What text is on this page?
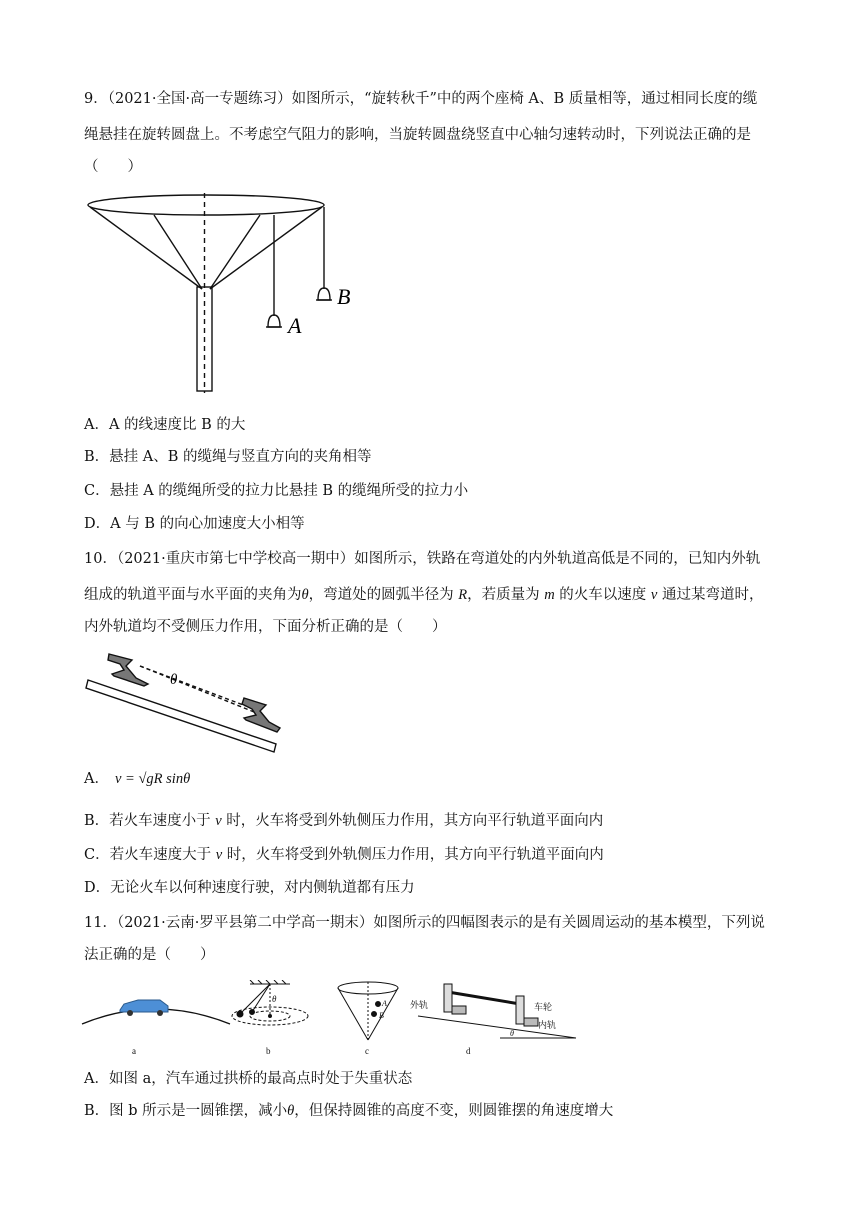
9．（2021·全国·高一专题练习）如图所示，“旋转秋千”中的两个座椅 A、B 质量相等，通过相同长度的缆
绳悬挂在旋转圆盘上。不考虑空气阻力的影响，当旋转圆盘绕竖直中心轴匀速转动时，下列说法正确的是
（　　）
A
B
A．A 的线速度比 B 的大
B．悬挂 A、B 的缆绳与竖直方向的夹角相等
C．悬挂 A 的缆绳所受的拉力比悬挂 B 的缆绳所受的拉力小
D．A 与 B 的向心加速度大小相等
10．（2021·重庆市第七中学校高一期中）如图所示，铁路在弯道处的内外轨道高低是不同的，已知内外轨
组成的轨道平面与水平面的夹角为θ，弯道处的圆弧半径为 R，若质量为 m 的火车以速度 v 通过某弯道时，
内外轨道均不受侧压力作用，下面分析正确的是（　　）
θ
A． v = √gR sinθ
B．若火车速度小于 v 时，火车将受到外轨侧压力作用，其方向平行轨道平面向内
C．若火车速度大于 v 时，火车将受到外轨侧压力作用，其方向平行轨道平面向内
D．无论火车以何种速度行驶，对内侧轨道都有压力
11．（2021·云南·罗平县第二中学高一期末）如图所示的四幅图表示的是有关圆周运动的基本模型，下列说
法正确的是（　　）
a
θ
b
A
B
c
外轨	车轮
内轨
θ
d
A．如图 a，汽车通过拱桥的最高点时处于失重状态
B．图 b 所示是一圆锥摆，减小θ，但保持圆锥的高度不变，则圆锥摆的角速度增大
